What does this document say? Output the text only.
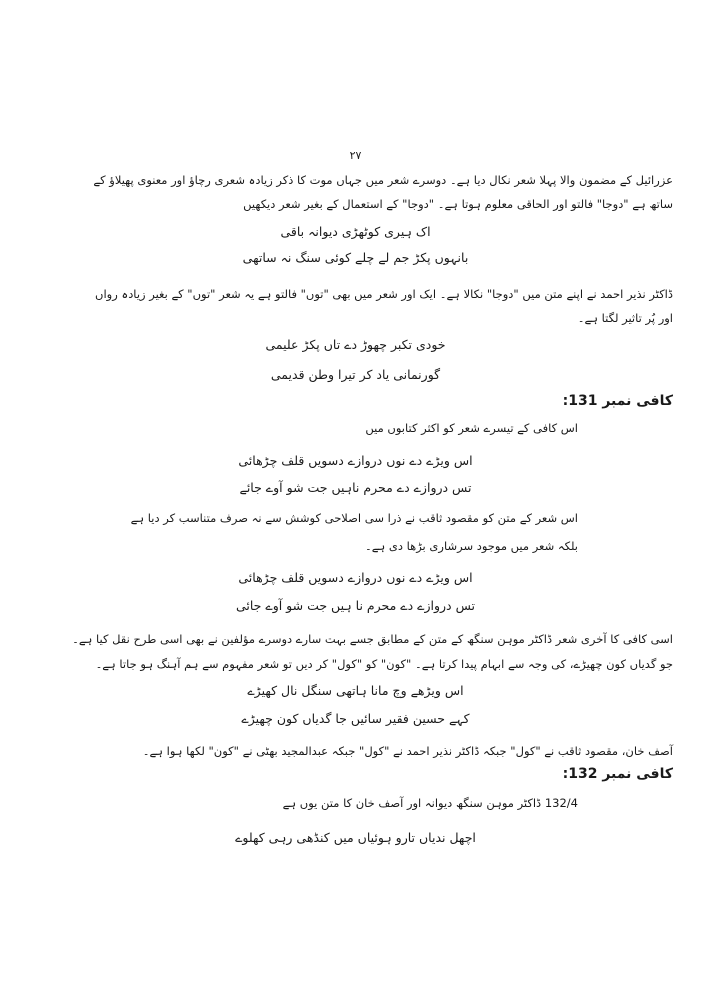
۲۷
عزرائیل کے مضمون والا پہلا شعر نکال دیا ہے۔ دوسرے شعر میں جہاں موت کا ذکر زیادہ شعری رچاؤ اور معنوی پھیلاؤ کے
ساتھ ہے "دوجا" فالتو اور الحاقی معلوم ہوتا ہے۔ "دوجا" کے استعمال کے بغیر شعر دیکھیں
اک ہیری کوٹھڑی دیوانہ باقی
بانہوں پکڑ جم لے چلے کوئی سنگ نہ ساتھی
ڈاکٹر نذیر احمد نے اپنے متن میں "دوجا" نکالا ہے۔ ایک اور شعر میں بھی "توں" فالتو ہے یہ شعر "توں" کے بغیر زیادہ رواں
اور پُر تاثیر لگتا ہے۔
خودی تکبر چھوڑ دے تاں پکڑ علیمی
گورنمانی یاد کر تیرا وطن قدیمی
کافی نمبر 131:
اس کافی کے تیسرے شعر کو اکثر کتابوں میں
اس ویڑے دے نوں دروازے دسویں قلف چڑھائی
تس دروازے دے محرم ناہیں جت شو آوے جائے
اس شعر کے متن کو مقصود ثاقب نے ذرا سی اصلاحی کوشش سے نہ صرف متناسب کر دیا ہے
بلکہ شعر میں موجود سرشاری بڑھا دی ہے۔
اس ویڑے دے نوں دروازے دسویں قلف چڑھائی
تس دروازے دے محرم نا ہیں جت شو آوے جائی
اسی کافی کا آخری شعر ڈاکٹر موہن سنگھ کے متن کے مطابق جسے بہت سارے دوسرے مؤلفین نے بھی اسی طرح نقل کیا ہے۔
جو گدیاں کون چھیڑے، کی وجہ سے ابہام پیدا کرتا ہے۔ "کون" کو "کول" کر دیں تو شعر مفہوم سے ہم آہنگ ہو جاتا ہے۔
اس ویڑھے وچ مانا ہاتھی سنگل نال کھیڑے
کہے حسین فقیر سائیں جا گدیاں کون چھیڑے
آصف خان، مقصود ثاقب نے "کول" جبکہ ڈاکٹر نذیر احمد نے "کول" جبکہ عبدالمجید بھٹی نے "کون" لکھا ہوا ہے۔
کافی نمبر 132:
132/4 ڈاکٹر موہن سنگھ دیوانہ اور آصف خان کا متن یوں ہے
اچھل ندیاں تارو ہوئیاں میں کنڈھی رہی کھلوے
